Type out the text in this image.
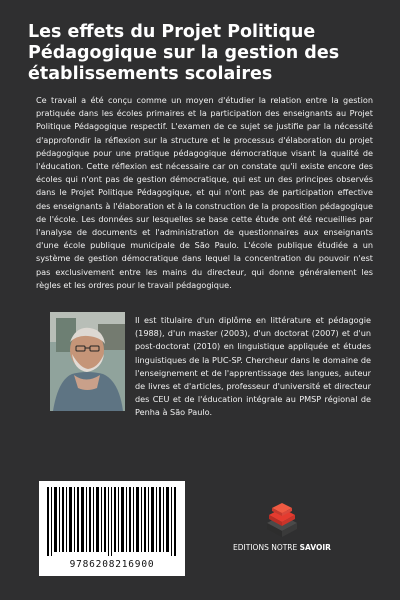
Les effets du Projet Politique Pédagogique sur la gestion des établissements scolaires

Ce travail a été conçu comme un moyen d'étudier la relation entre la gestion pratiquée dans les écoles primaires et la participation des enseignants au Projet Politique Pédagogique respectif. L'examen de ce sujet se justifie par la nécessité d'approfondir la réflexion sur la structure et le processus d'élaboration du projet pédagogique pour une pratique pédagogique démocratique visant la qualité de l'éducation. Cette réflexion est nécessaire car on constate qu'il existe encore des écoles qui n'ont pas de gestion démocratique, qui est un des principes observés dans le Projet Politique Pédagogique, et qui n'ont pas de participation effective des enseignants à l'élaboration et à la construction de la proposition pédagogique de l'école. Les données sur lesquelles se base cette étude ont été recueillies par l'analyse de documents et l'administration de questionnaires aux enseignants d'une école publique municipale de São Paulo. L'école publique étudiée a un système de gestion démocratique dans lequel la concentration du pouvoir n'est pas exclusivement entre les mains du directeur, qui donne généralement les règles et les ordres pour le travail pédagogique.

Il est titulaire d'un diplôme en littérature et pédagogie (1988), d'un master (2003), d'un doctorat (2007) et d'un post-doctorat (2010) en linguistique appliquée et études linguistiques de la PUC-SP. Chercheur dans le domaine de l'enseignement et de l'apprentissage des langues, auteur de livres et d'articles, professeur d'université et directeur des CEU et de l'éducation intégrale au PMSP régional de Penha à São Paulo.

9786208216900
EDITIONS NOTRE SAVOIR
